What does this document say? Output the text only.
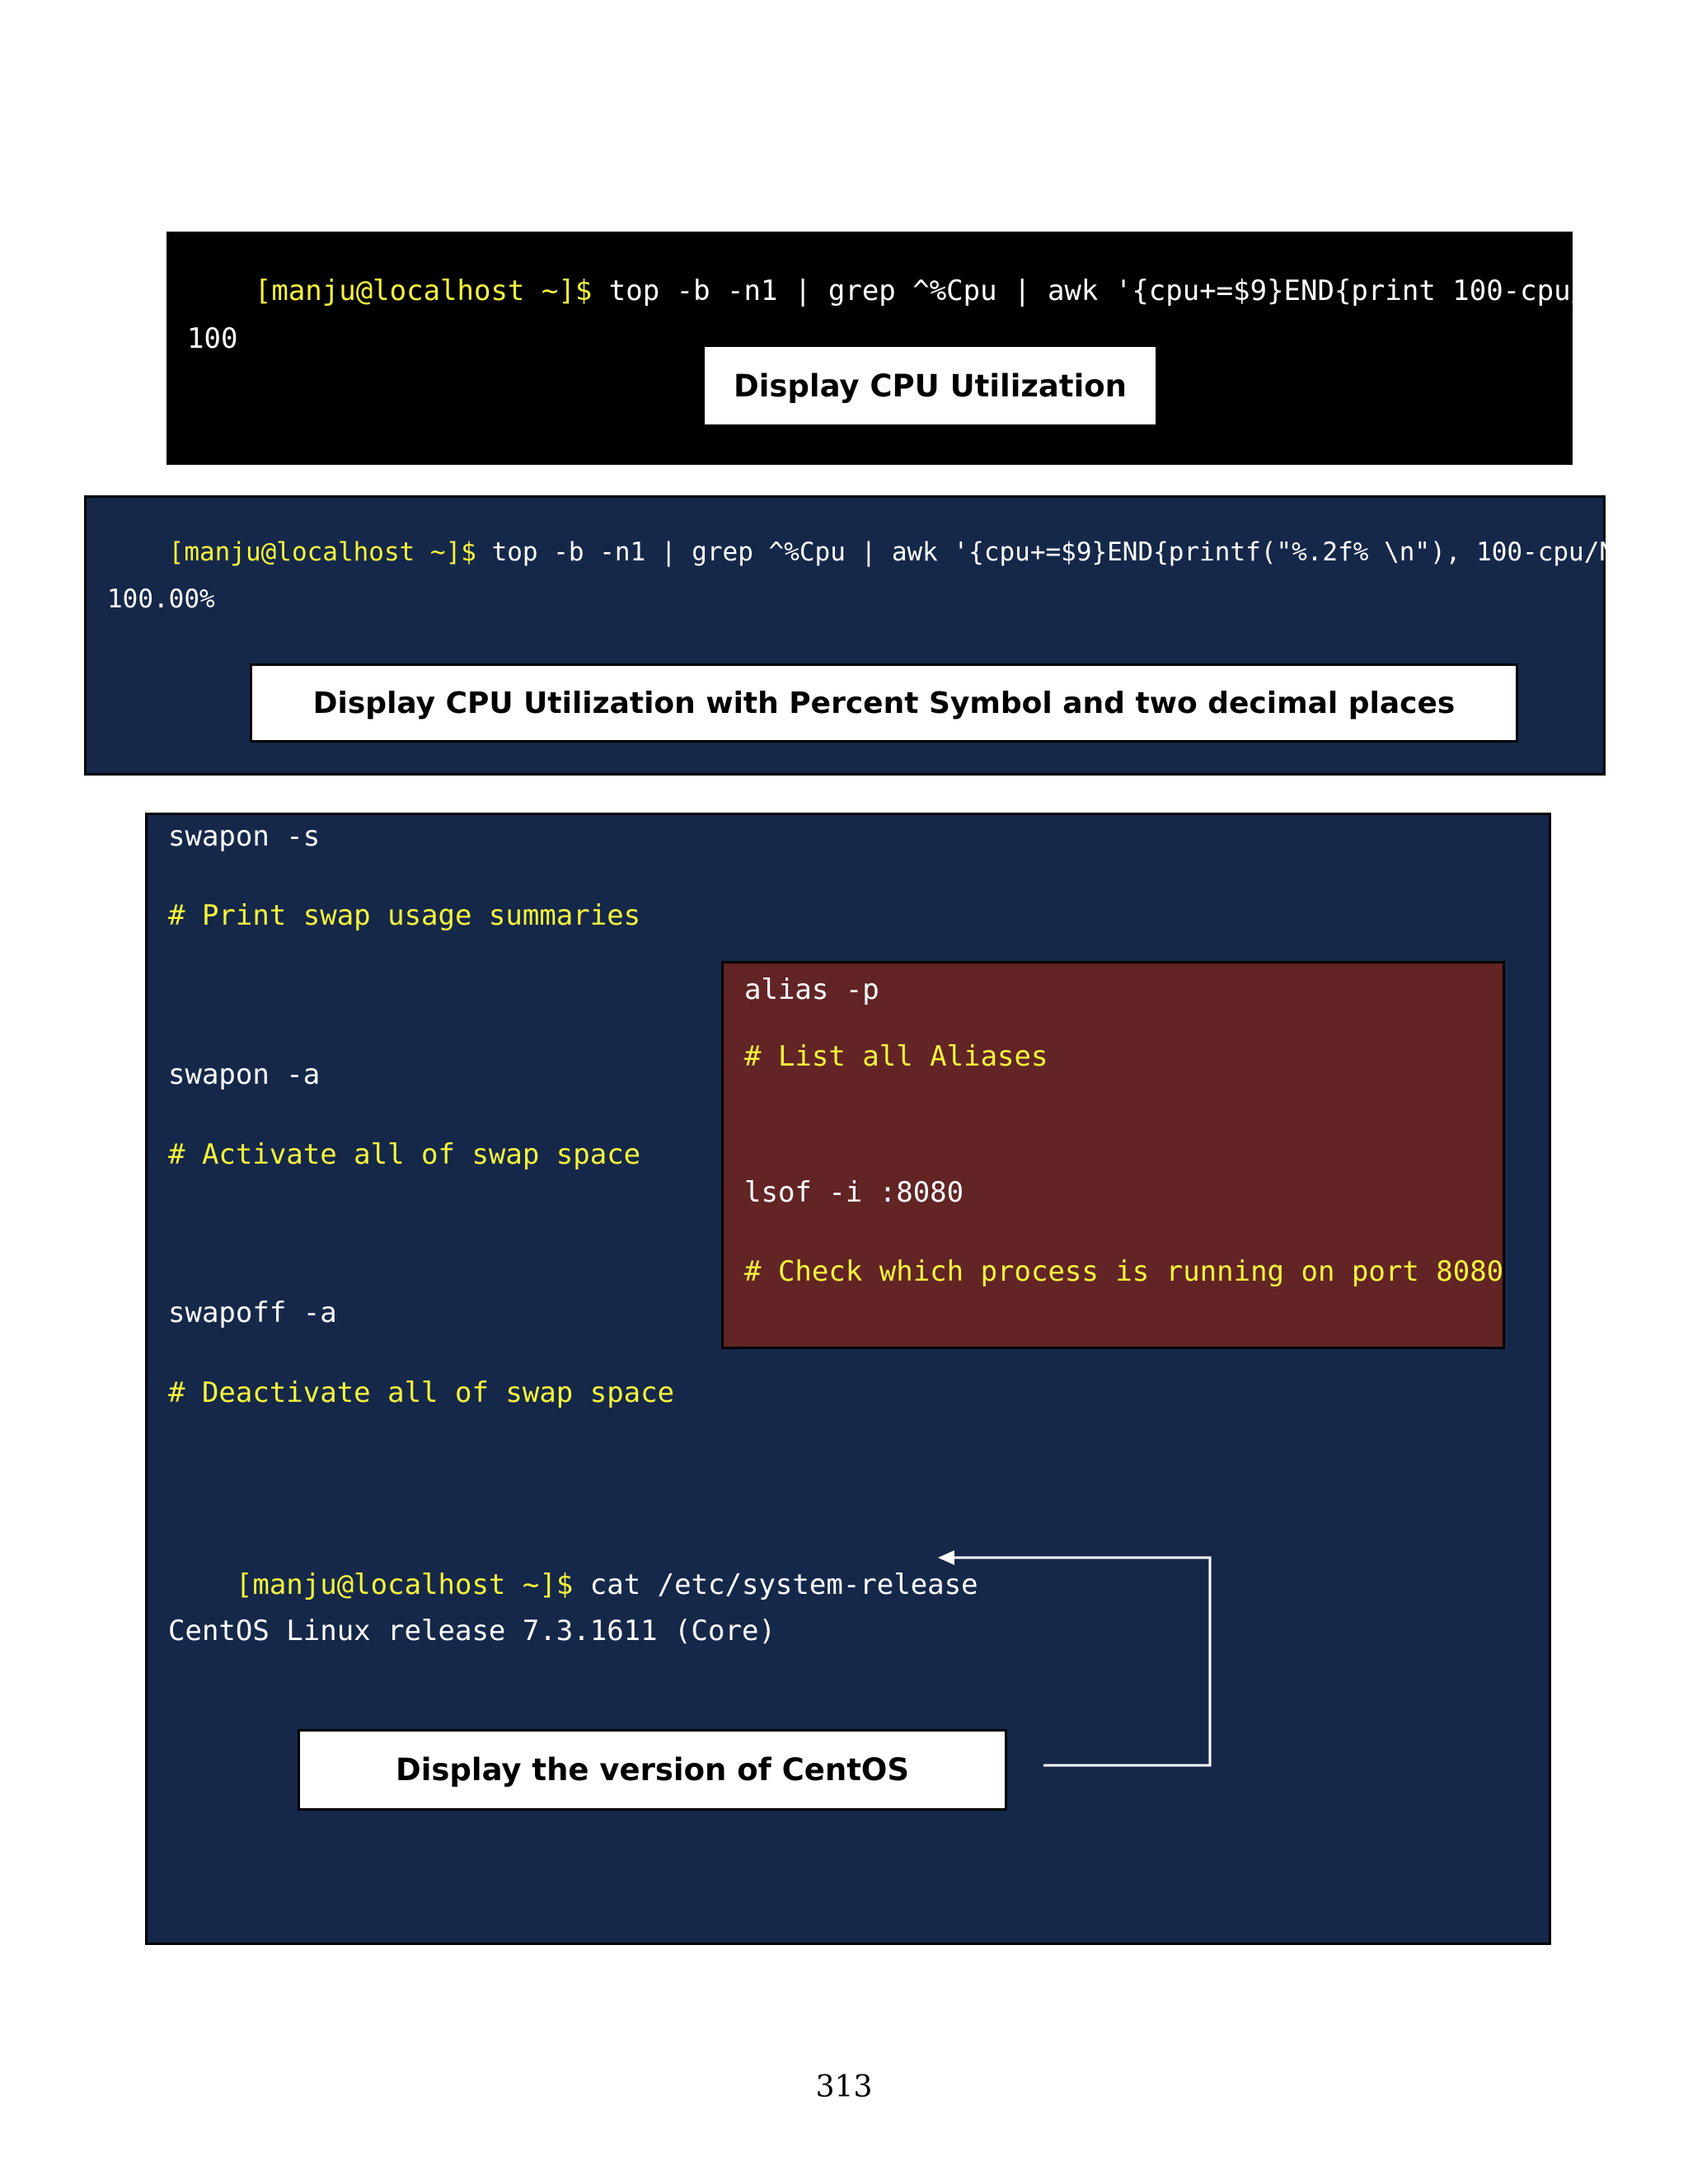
[manju@localhost ~]$ top -b -n1 | grep ^%Cpu | awk '{cpu+=$9}END{print 100-cpu/NR}'

100
Display CPU Utilization

[manju@localhost ~]$ top -b -n1 | grep ^%Cpu | awk '{cpu+=$9}END{printf("%.2f% \n"), 100-cpu/NR}'

100.00%
Display CPU Utilization with Percent Symbol and two decimal places
swapon -s
# Print swap usage summaries
swapon -a
# Activate all of swap space
swapoff -a
# Deactivate all of swap space

[manju@localhost ~]$ cat /etc/system-release

CentOS Linux release 7.3.1611 (Core)
Display the version of CentOS
alias -p
# List all Aliases
lsof -i :8080
# Check which process is running on port 8080
313
